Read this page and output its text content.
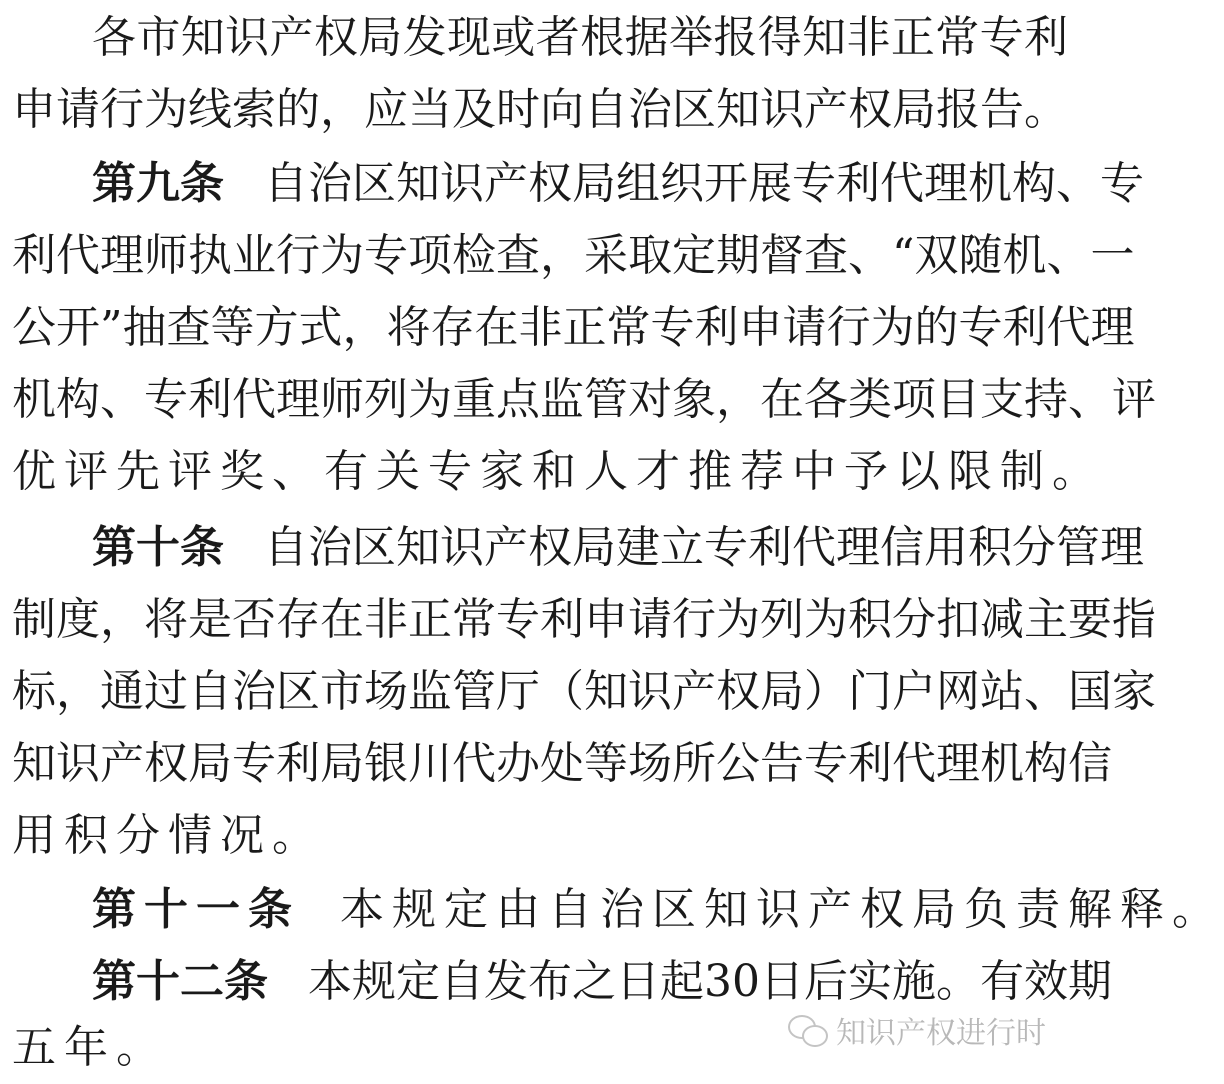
各市知识产权局发现或者根据举报得知非正常专利
申请行为线索的，应当及时向自治区知识产权局报告。
第九条 自治区知识产权局组织开展专利代理机构、专
利代理师执业行为专项检查，采取定期督查、“双随机、一
公开”抽查等方式，将存在非正常专利申请行为的专利代理
机构、专利代理师列为重点监管对象，在各类项目支持、评
优评先评奖、有关专家和人才推荐中予以限制。
第十条 自治区知识产权局建立专利代理信用积分管理
制度，将是否存在非正常专利申请行为列为积分扣减主要指
标，通过自治区市场监管厅（知识产权局）门户网站、国家
知识产权局专利局银川代办处等场所公告专利代理机构信
用积分情况。
第十一条 本规定由自治区知识产权局负责解释。
第十二条 本规定自发布之日起30日后实施。有效期
五年。	知识产权进行时
